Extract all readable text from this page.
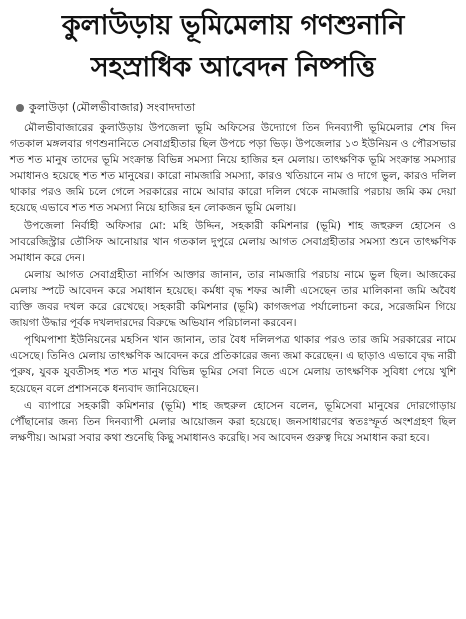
কুলাউড়ায় ভূমিমেলায় গণশুনানি
সহস্রাধিক আবেদন নিষ্পত্তি
কুলাউড়া (মৌলভীবাজার) সংবাদদাতা

মৌলভীবাজারের কুলাউড়ায় উপজেলা ভূমি অফিসের উদ্যোগে তিন দিনব্যাপী ভূমিমেলার শেষ দিন গতকাল মঙ্গলবার গণশুনানিতে সেবাগ্রহীতার ছিল উপচে পড়া ভিড়। উপজেলার ১৩ ইউনিয়ন ও পৌরসভার শত শত মানুষ তাদের ভূমি সংক্রান্ত বিভিন্ন সমস্যা নিয়ে হাজির হন মেলায়। তাৎক্ষণিক ভূমি সংক্রান্ত সমস্যার সমাধানও হয়েছে শত শত মানুষের। কারো নামজারি সমস্যা, কারও খতিয়ানে নাম ও দাগে ভুল, কারও দলিল থাকার পরও জমি চলে গেলে সরকারের নামে আবার কারো দলিল থেকে নামজারি পরচায় জমি কম দেয়া হয়েছে এভাবে শত শত সমস্যা নিয়ে হাজির হন লোকজন ভূমি মেলায়।

উপজেলা নির্বাহী অফিসার মো: মহি উদ্দিন, সহকারী কমিশনার (ভূমি) শাহ জহুরুল হোসেন ও সাবরেজিস্ট্রার তৌসিফ আনোয়ার খান গতকাল দুপুরে মেলায় আগত সেবাগ্রহীতার সমস্যা শুনে তাৎক্ষণিক সমাধান করে দেন।

মেলায় আগত সেবাগ্রহীতা নার্গিস আক্তার জানান, তার নামজারি পরচায় নামে ভুল ছিল। আজকের মেলায় স্পটে আবেদন করে সমাধান হয়েছে। কর্মধা বৃদ্ধ শফর আলী এসেছেন তার মালিকানা জমি অবৈধ ব্যক্তি জবর দখল করে রেখেছে। সহকারী কমিশনার (ভূমি) কাগজপত্র পর্যালোচনা করে, সরেজমিন গিয়ে জায়গা উদ্ধার পূর্বক দখলদারদের বিরুদ্ধে অভিযান পরিচালনা করবেন।

পৃথিমপাশা ইউনিয়নের মহসিন খান জানান, তার বৈধ দলিলপত্র থাকার পরও তার জমি সরকারের নামে এসেছে। তিনিও মেলায় তাৎক্ষণিক আবেদন করে প্রতিকারের জন্য জমা করেছেন। এ ছাড়াও এভাবে বৃদ্ধ নারী পুরুষ, যুবক যুবতীসহ শত শত মানুষ বিভিন্ন ভূমির সেবা নিতে এসে মেলায় তাৎক্ষণিক সুবিধা পেয়ে খুশি হয়েছেন বলে প্রশাসনকে ধন্যবাদ জানিয়েছেন।

এ ব্যাপারে সহকারী কমিশনার (ভূমি) শাহ জহুরুল হোসেন বলেন, ভূমিসেবা মানুষের দোরগোড়ায় পৌঁছানোর জন্য তিন দিনব্যাপী মেলার আয়োজন করা হয়েছে। জনসাধারণের স্বতঃস্ফূর্ত অংশগ্রহণ ছিল লক্ষণীয়। আমরা সবার কথা শুনেছি কিছু সমাধানও করেছি। সব আবেদন গুরুত্ব দিয়ে সমাধান করা হবে।
